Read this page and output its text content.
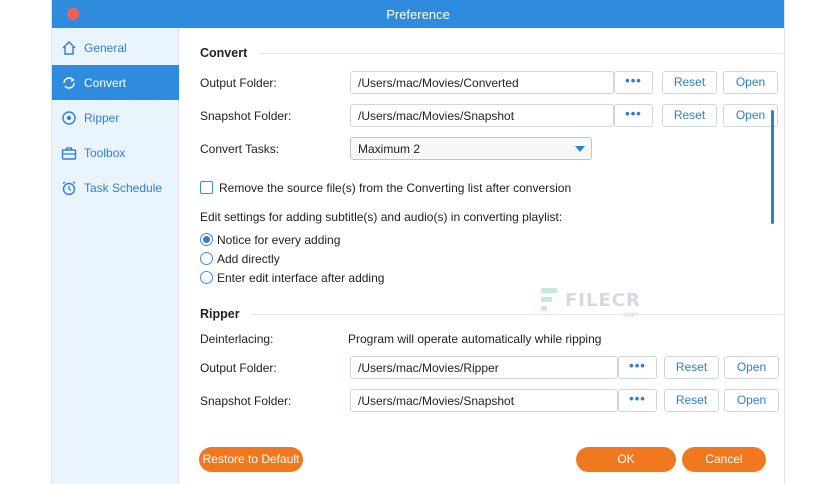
Preference
General
Convert
Ripper
Toolbox
Task Schedule
Convert
Output Folder:	/Users/mac/Movies/Converted	•••	Reset	Open
Snapshot Folder:	/Users/mac/Movies/Snapshot	•••	Reset	Open
Convert Tasks:	Maximum 2
Remove the source file(s) from the Converting list after conversion
Edit settings for adding subtitle(s) and audio(s) in converting playlist:
Notice for every adding
Add directly
Enter edit interface after adding
Ripper
Deinterlacing:	Program will operate automatically while ripping
Output Folder:	/Users/mac/Movies/Ripper	•••	Reset	Open
Snapshot Folder:	/Users/mac/Movies/Snapshot	•••	Reset	Open
Restore to Default	OK	Cancel
FILECR
.com
